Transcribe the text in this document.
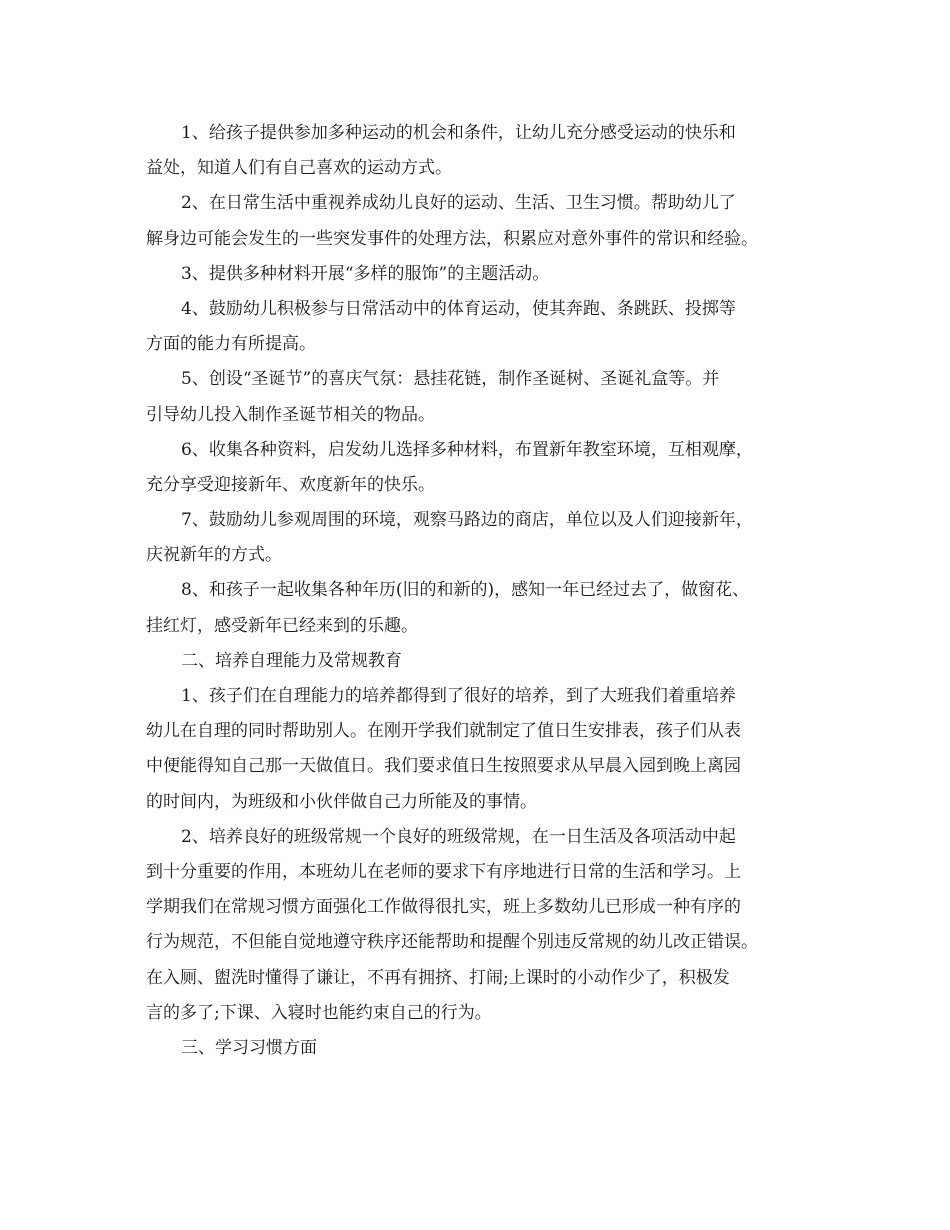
1、给孩子提供参加多种运动的机会和条件，让幼儿充分感受运动的快乐和
益处，知道人们有自己喜欢的运动方式。
2、在日常生活中重视养成幼儿良好的运动、生活、卫生习惯。帮助幼儿了
解身边可能会发生的一些突发事件的处理方法，积累应对意外事件的常识和经验。
3、提供多种材料开展“多样的服饰”的主题活动。
4、鼓励幼儿积极参与日常活动中的体育运动，使其奔跑、条跳跃、投掷等
方面的能力有所提高。
5、创设“圣诞节”的喜庆气氛：悬挂花链，制作圣诞树、圣诞礼盒等。并
引导幼儿投入制作圣诞节相关的物品。
6、收集各种资料，启发幼儿选择多种材料，布置新年教室环境，互相观摩，
充分享受迎接新年、欢度新年的快乐。
7、鼓励幼儿参观周围的环境，观察马路边的商店，单位以及人们迎接新年，
庆祝新年的方式。
8、和孩子一起收集各种年历(旧的和新的)，感知一年已经过去了，做窗花、
挂红灯，感受新年已经来到的乐趣。
二、培养自理能力及常规教育
1、孩子们在自理能力的培养都得到了很好的培养，到了大班我们着重培养
幼儿在自理的同时帮助别人。在刚开学我们就制定了值日生安排表，孩子们从表
中便能得知自己那一天做值日。我们要求值日生按照要求从早晨入园到晚上离园
的时间内，为班级和小伙伴做自己力所能及的事情。
2、培养良好的班级常规一个良好的班级常规，在一日生活及各项活动中起
到十分重要的作用，本班幼儿在老师的要求下有序地进行日常的生活和学习。上
学期我们在常规习惯方面强化工作做得很扎实，班上多数幼儿已形成一种有序的
行为规范，不但能自觉地遵守秩序还能帮助和提醒个别违反常规的幼儿改正错误。
在入厕、盥洗时懂得了谦让，不再有拥挤、打闹;上课时的小动作少了，积极发
言的多了;下课、入寝时也能约束自己的行为。
三、学习习惯方面
